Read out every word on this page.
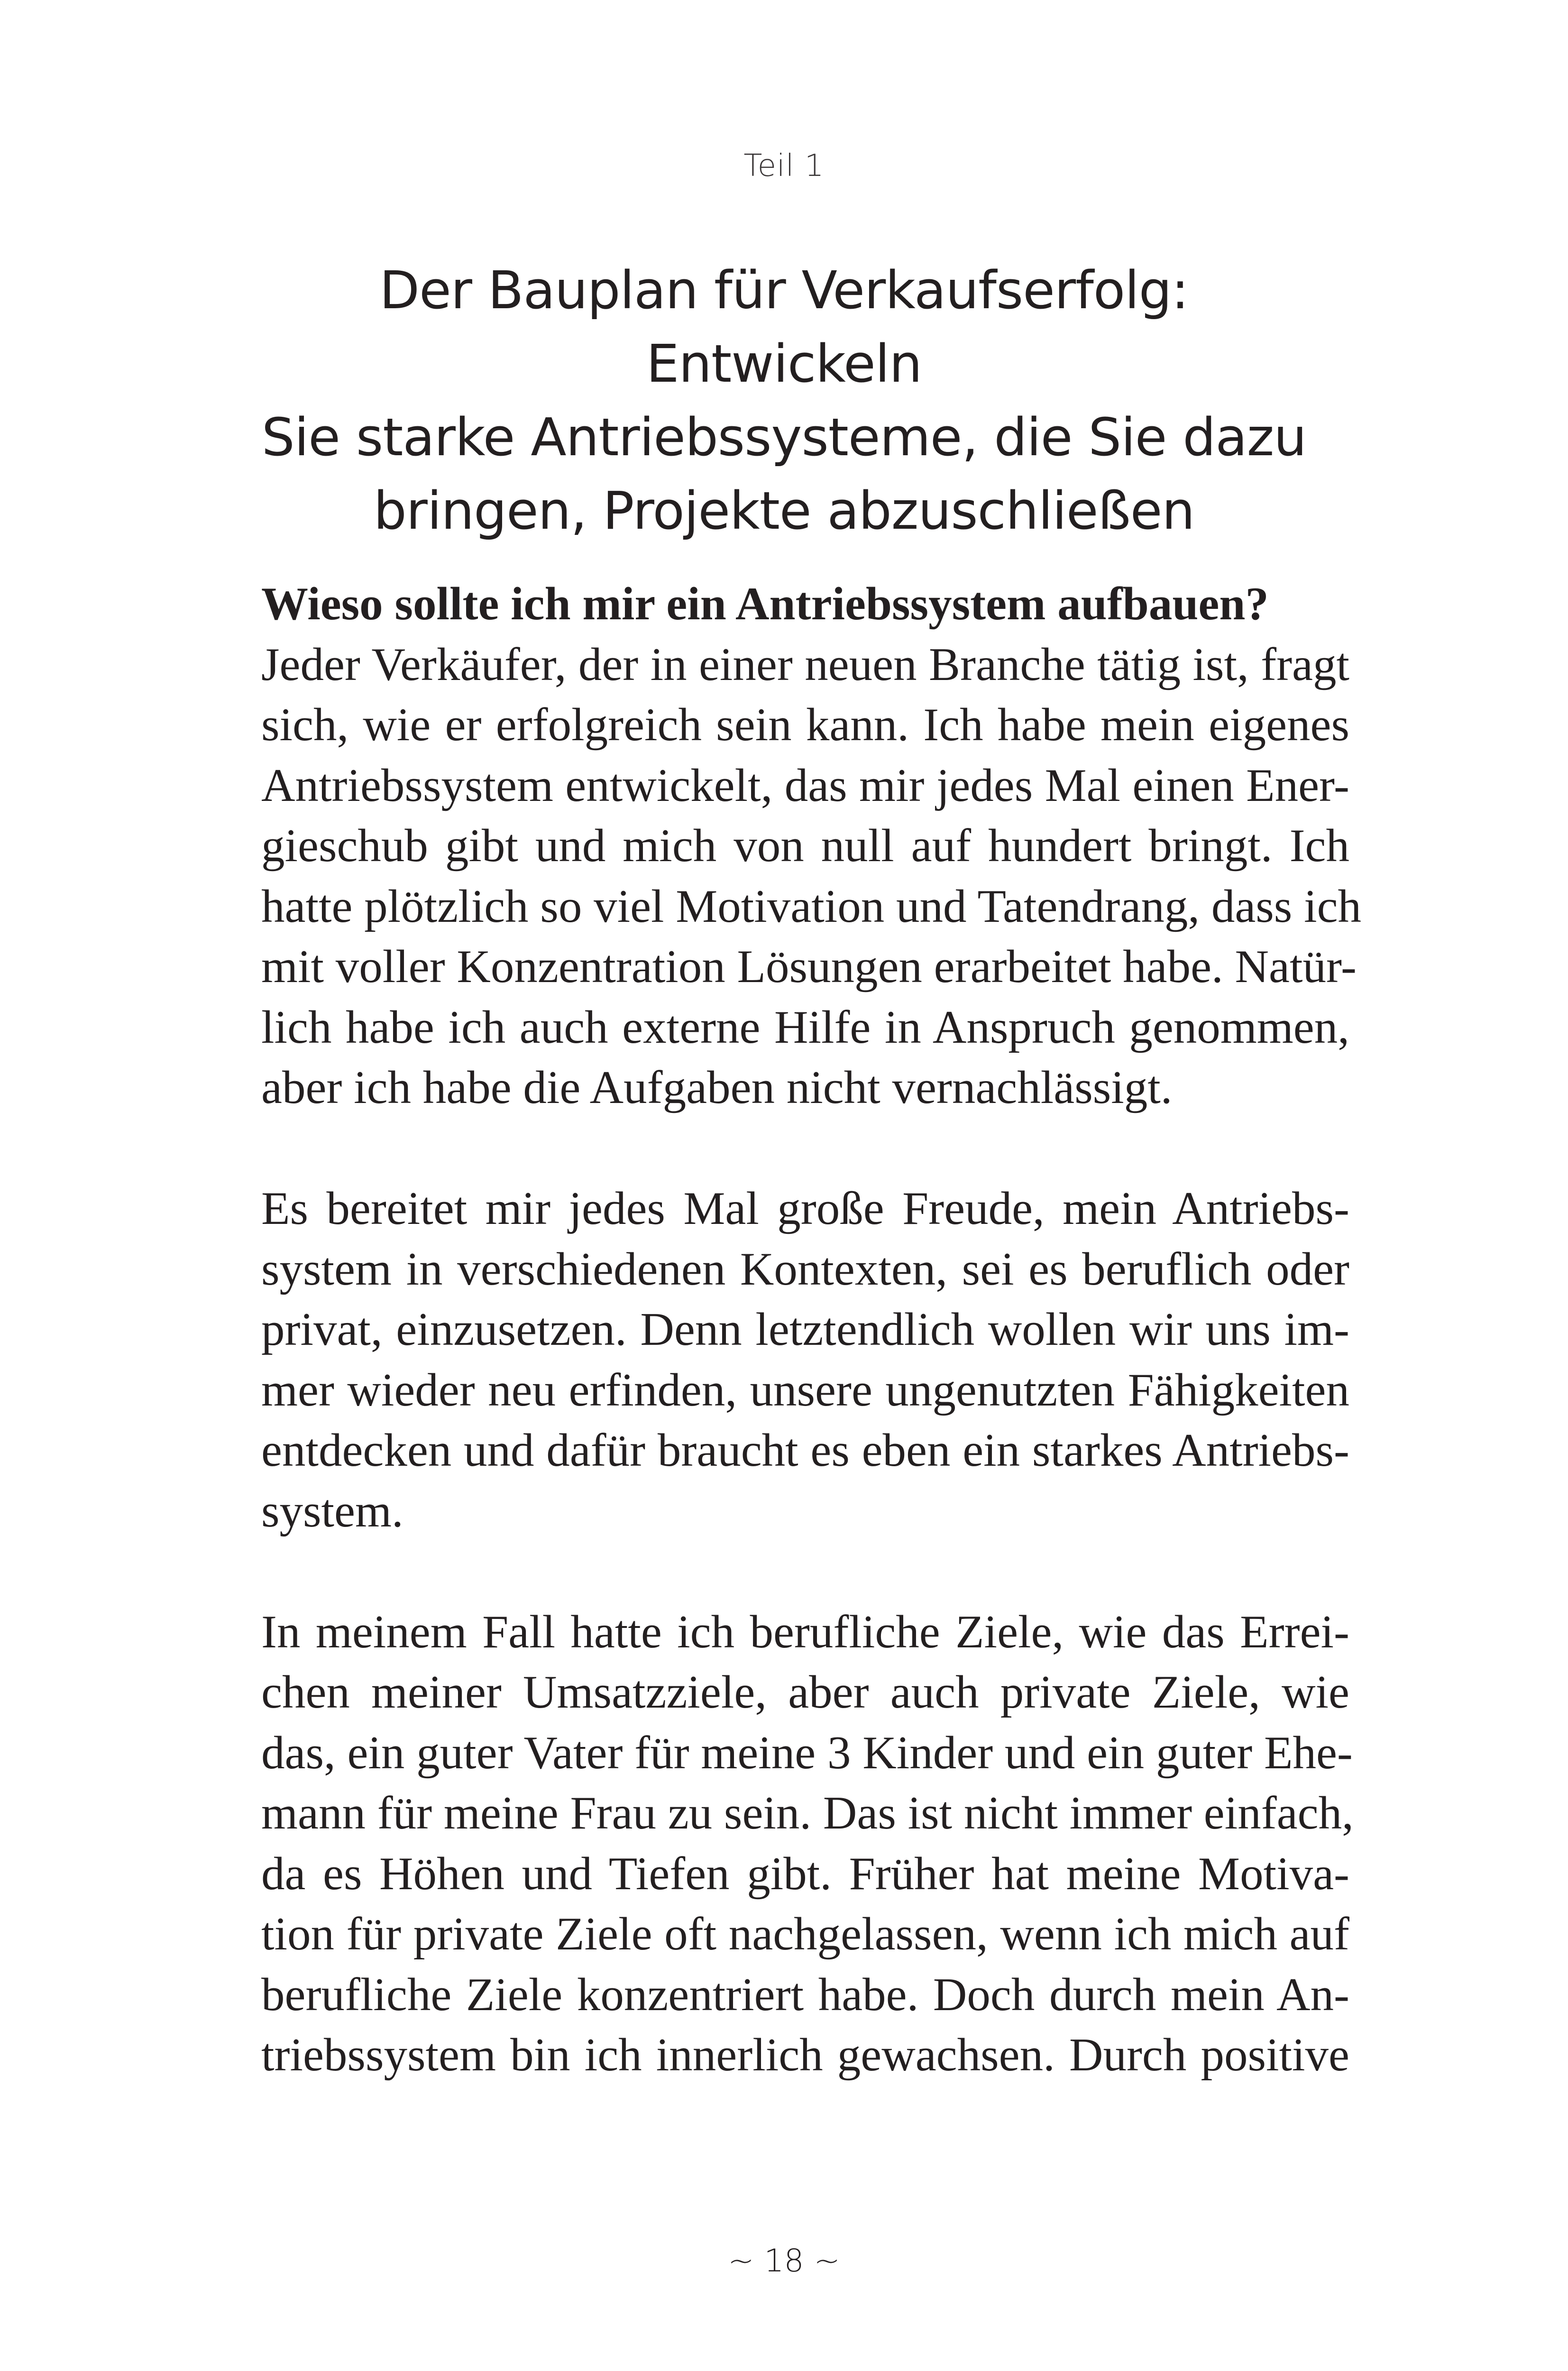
Teil 1
Der Bauplan für Verkaufserfolg: Entwickeln
Sie starke Antriebssysteme, die Sie dazu
bringen, Projekte abzuschließen

Wieso sollte ich mir ein Antriebssystem aufbauen?
Jeder Verkäufer, der in einer neuen Branche tätig ist, fragt
sich, wie er erfolgreich sein kann. Ich habe mein eigenes
Antriebssystem entwickelt, das mir jedes Mal einen Ener-
gieschub gibt und mich von null auf hundert bringt. Ich
hatte plötzlich so viel Motivation und Tatendrang, dass ich
mit voller Konzentration Lösungen erarbeitet habe. Natür-
lich habe ich auch externe Hilfe in Anspruch genommen,
aber ich habe die Aufgaben nicht vernachlässigt.

Es bereitet mir jedes Mal große Freude, mein Antriebs-
system in verschiedenen Kontexten, sei es beruflich oder
privat, einzusetzen. Denn letztendlich wollen wir uns im-
mer wieder neu erfinden, unsere ungenutzten Fähigkeiten
entdecken und dafür braucht es eben ein starkes Antriebs-
system.

In meinem Fall hatte ich berufliche Ziele, wie das Errei-
chen meiner Umsatzziele, aber auch private Ziele, wie
das, ein guter Vater für meine 3 Kinder und ein guter Ehe-
mann für meine Frau zu sein. Das ist nicht immer einfach,
da es Höhen und Tiefen gibt. Früher hat meine Motiva-
tion für private Ziele oft nachgelassen, wenn ich mich auf
berufliche Ziele konzentriert habe. Doch durch mein An-
triebssystem bin ich innerlich gewachsen. Durch positive

~ 18 ~
